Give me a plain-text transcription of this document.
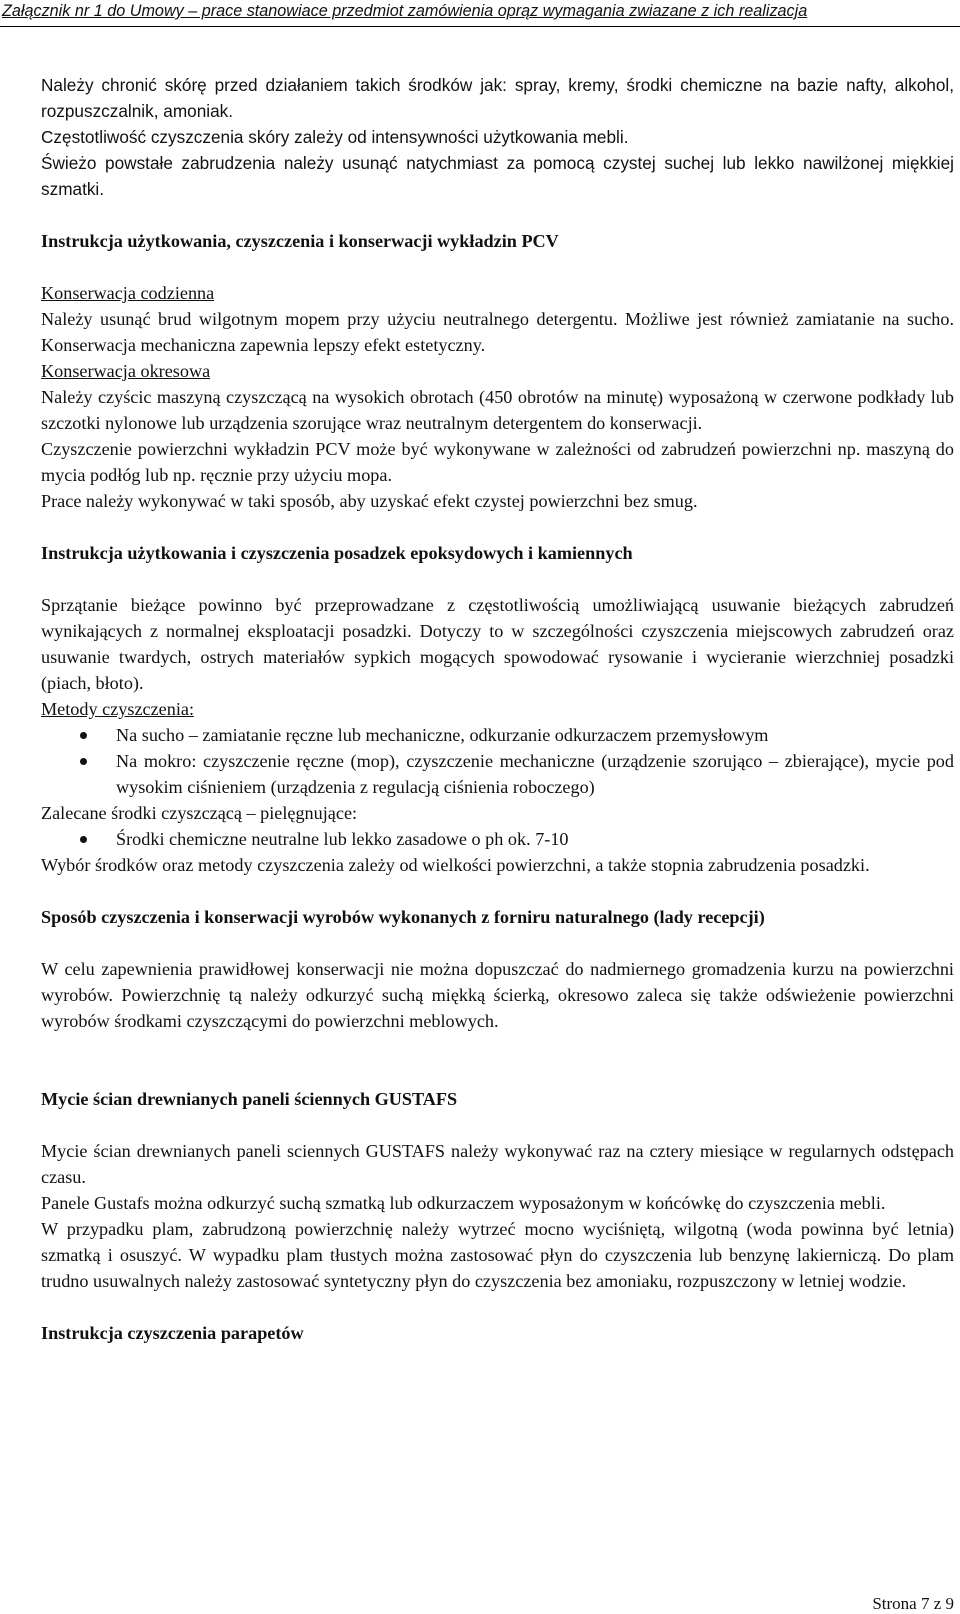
Załącznik nr 1 do Umowy – prace stanowiace przedmiot zamówienia oprąz wymagania zwiazane z ich realizacja

Należy chronić skórę przed działaniem takich środków jak: spray, kremy, środki chemiczne na bazie nafty, alkohol, rozpuszczalnik, amoniak.

Częstotliwość czyszczenia skóry zależy od intensywności użytkowania mebli.

Świeżo powstałe zabrudzenia należy usunąć natychmiast za pomocą czystej suchej lub lekko nawilżonej miękkiej szmatki.

Instrukcja użytkowania, czyszczenia i konserwacji wykładzin PCV

Konserwacja codzienna

Należy usunąć brud wilgotnym mopem przy użyciu neutralnego detergentu. Możliwe jest również zamiatanie na sucho. Konserwacja mechaniczna zapewnia lepszy efekt estetyczny.

Konserwacja okresowa

Należy czyścic maszyną czyszczącą na wysokich obrotach (450 obrotów na minutę) wyposażoną w czerwone podkłady lub szczotki nylonowe lub urządzenia szorujące wraz neutralnym detergentem do konserwacji.

Czyszczenie powierzchni wykładzin PCV może być wykonywane w zależności od zabrudzeń powierzchni np. maszyną do mycia podłóg lub np. ręcznie przy użyciu mopa.

Prace należy wykonywać w taki sposób, aby uzyskać efekt czystej powierzchni bez smug.

Instrukcja użytkowania i czyszczenia posadzek epoksydowych i kamiennych

Sprzątanie bieżące powinno być przeprowadzane z częstotliwością umożliwiającą usuwanie bieżących zabrudzeń wynikających z normalnej eksploatacji posadzki. Dotyczy to w szczególności czyszczenia miejscowych zabrudzeń oraz usuwanie twardych, ostrych materiałów sypkich mogących spowodować rysowanie i wycieranie wierzchniej posadzki (piach, błoto).

Metody czyszczenia:

Na sucho – zamiatanie ręczne lub mechaniczne, odkurzanie odkurzaczem przemysłowym
Na mokro: czyszczenie ręczne (mop), czyszczenie mechaniczne (urządzenie szorująco – zbierające), mycie pod wysokim ciśnieniem (urządzenia z regulacją ciśnienia roboczego)

Zalecane środki czyszczącą – pielęgnujące:

Środki chemiczne neutralne lub lekko zasadowe o ph ok. 7-10

Wybór środków oraz metody czyszczenia zależy od wielkości powierzchni, a także stopnia zabrudzenia posadzki.

Sposób czyszczenia i konserwacji wyrobów wykonanych z forniru naturalnego (lady recepcji)

W celu zapewnienia prawidłowej konserwacji nie można dopuszczać do nadmiernego gromadzenia kurzu na powierzchni wyrobów. Powierzchnię tą należy odkurzyć suchą miękką ścierką, okresowo zaleca się także odświeżenie powierzchni wyrobów środkami czyszczącymi do powierzchni meblowych.

Mycie ścian drewnianych paneli ściennych GUSTAFS

Mycie ścian drewnianych paneli sciennych GUSTAFS należy wykonywać raz na cztery miesiące w regularnych odstępach czasu.

Panele Gustafs można odkurzyć suchą szmatką lub odkurzaczem wyposażonym w końcówkę do czyszczenia mebli.

W przypadku plam, zabrudzoną powierzchnię należy wytrzeć mocno wyciśniętą, wilgotną (woda powinna być letnia) szmatką i osuszyć. W wypadku plam tłustych można zastosować płyn do czyszczenia lub benzynę lakierniczą. Do plam trudno usuwalnych należy zastosować syntetyczny płyn do czyszczenia bez amoniaku, rozpuszczony w letniej wodzie.

Instrukcja czyszczenia parapetów

Strona 7 z 9
